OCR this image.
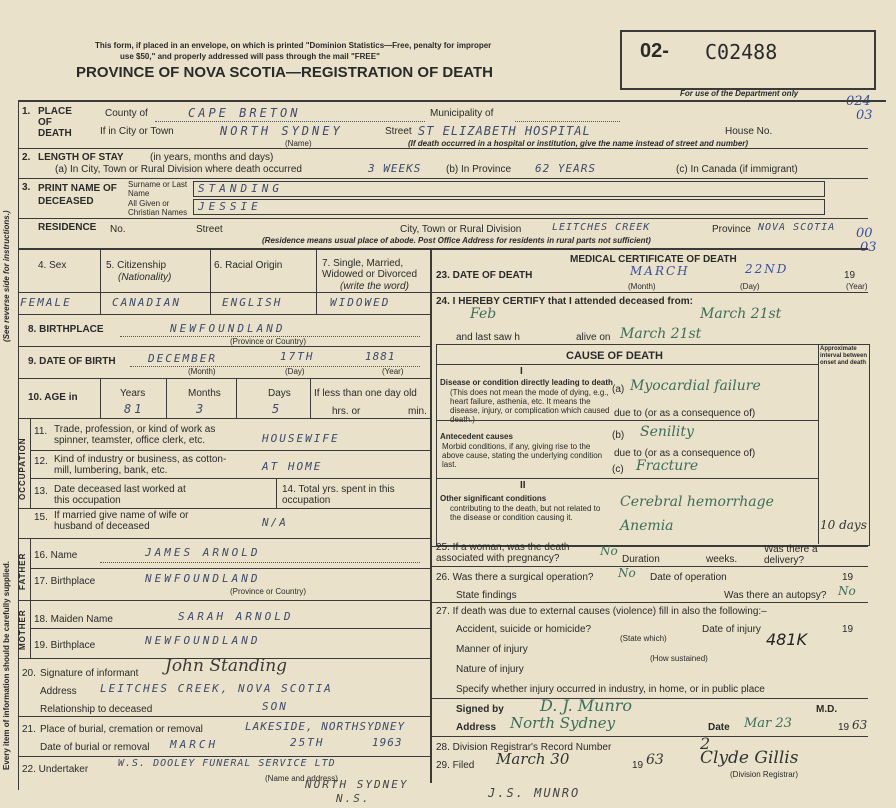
(See reverse side for instructions.)
Every item of information should be carefully supplied.
This form, if placed in an envelope, on which is printed "Dominion Statistics—Free, penalty for improper
use $50," and properly addressed will pass through the mail "FREE"
PROVINCE OF NOVA SCOTIA—REGISTRATION OF DEATH
02- C02488
For use of the Department only
024
03
00
03
1. PLACE OF DEATH
County of	CAPE BRETON	Municipality of
If in City or Town	NORTH SYDNEY
(Name)
Street ST ELIZABETH HOSPITAL	House No.
(If death occurred in a hospital or institution, give the name instead of street and number)
2. LENGTH OF STAY	(in years, months and days)
(a) In City, Town or Rural Division where death occurred	3 WEEKS (b) In Province 62 YEARS	(c) In Canada (if immigrant)
3. PRINT NAME OF DECEASED
Surname or Last Name	STANDING
All Given or Christian Names JESSIE
RESIDENCE No.	Street	City, Town or Rural Division	LEITCHES CREEK	Province NOVA SCOTIA
(Residence means usual place of abode. Post Office Address for residents in rural parts not sufficient)
4. Sex	5. Citizenship
(Nationality)
6. Racial Origin	7. Single, Married, Widowed or Divorced
(write the word)
FEMALE	CANADIAN	ENGLISH	WIDOWED
8. BIRTHPLACE	NEWFOUNDLAND
(Province or Country)
9. DATE OF BIRTH	DECEMBER	17TH	1881
(Month)	(Day)	(Year)
10. AGE in	Years	Months	Days If less than one day old
81	3	5	hrs. or	min.
OCCUPATION
11. Trade, profession, or kind of work as spinner, teamster, office clerk, etc.	HOUSEWIFE
12. Kind of industry or business, as cotton-mill, lumbering, bank, etc.	AT HOME
13. Date deceased last worked at this occupation
14. Total yrs. spent in this occupation
15. If married give name of wife or husband of deceased	N/A
FATHER 16. Name	JAMES ARNOLD
17. Birthplace	NEWFOUNDLAND
(Province or Country)
MOTHER 18. Maiden Name	SARAH ARNOLD
19. Birthplace	NEWFOUNDLAND
20. Signature of informant John Standing
Address LEITCHES CREEK, NOVA SCOTIA
Relationship to deceased	SON
21. Place of burial, cremation or removal	LAKESIDE, NORTHSYDNEY
Date of burial or removal MARCH	25TH	1963
22. Undertaker
W.S. DOOLEY FUNERAL SERVICE LTD
(Name and address)
NORTH SYDNEY
N.S.	J.S. MUNRO
MEDICAL CERTIFICATE OF DEATH
23. DATE OF DEATH	MARCH	22ND	19
(Month)	(Day)	(Year)
24. I HEREBY CERTIFY that I attended deceased from:
Feb	March 21st
and last saw h	alive on March 21st
CAUSE OF DEATH
Approximate interval between onset and death
I
Disease or condition directly leading to death
(This does not mean the mode of dying, e.g., heart failure, asthenia, etc. It means the disease, injury, or complication which caused death.)
(a) Myocardial failure
due to (or as a consequence of)
Antecedent causes
Morbid conditions, if any, giving rise to the above cause, stating the underlying condition last.
(b) Senility
due to (or as a consequence of)
(c) Fracture
II
Other significant conditions
contributing to the death, but not related to the disease or condition causing it.
Cerebral hemorrhage
Anemia	10 days
25. If a woman, was the death associated with pregnancy?
No
Duration	weeks.
Was there a delivery?
26. Was there a surgical operation? No Date of operation	19
State findings	Was there an autopsy? No
27. If death was due to external causes (violence) fill in also the following:–
Accident, suicide or homicide?
(State which)
Date of injury	19
481K
Manner of injury
(How sustained)
Nature of injury
Specify whether injury occurred in industry, in home, or in public place
Signed by D. J. Munro	M.D.
Address North Sydney	Date Mar 23	19 63
28. Division Registrar's Record Number	2
29. Filed March 30	19 63 Clyde Gillis
(Division Registrar)
